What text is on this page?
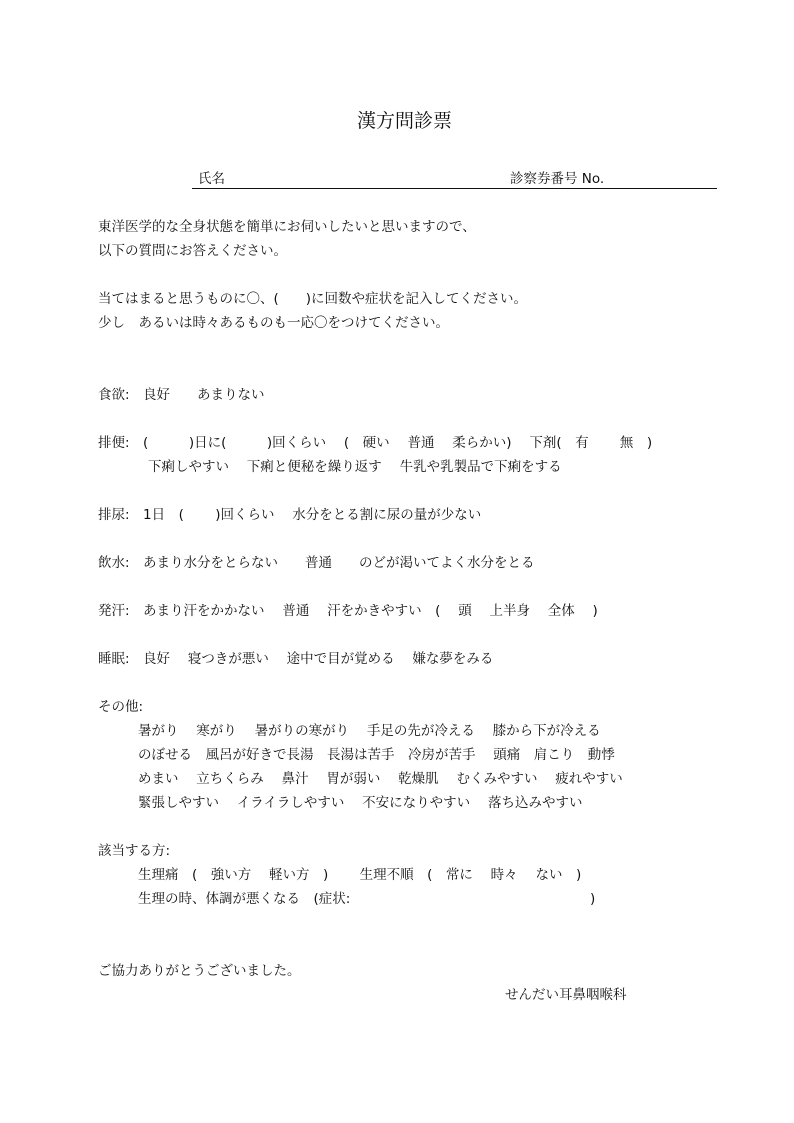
漢方問診票
氏名	診察券番号 No.
東洋医学的な全身状態を簡単にお伺いしたいと思いますので、
以下の質問にお答えください。
当てはまると思うものに〇、(　　)に回数や症状を記入してください。
少し　あるいは時々あるものも一応〇をつけてください。
食欲:　良好　　あまりない
排便:　(　　　)日に(　　　)回くらい　 (　硬い　 普通　 柔らかい)　 下剤(　有　　 無　)
下痢しやすい　 下痢と便秘を繰り返す　 牛乳や乳製品で下痢をする
排尿:　1日　(　　 )回くらい　 水分をとる割に尿の量が少ない
飲水:　あまり水分をとらない　　普通　　のどが渇いてよく水分をとる
発汗:　あまり汗をかかない　 普通　 汗をかきやすい　(　 頭　 上半身　 全体　 )
睡眠:　良好　 寝つきが悪い　 途中で目が覚める　 嫌な夢をみる
その他:
暑がり　 寒がり　 暑がりの寒がり　 手足の先が冷える　 膝から下が冷える
のぼせる　風呂が好きで長湯　長湯は苦手　冷房が苦手　 頭痛　肩こり　動悸
めまい　 立ちくらみ　 鼻汁　 胃が弱い　 乾燥肌　 むくみやすい　 疲れやすい
緊張しやすい　 イライラしやすい　 不安になりやすい　 落ち込みやすい
該当する方:
生理痛　(　強い方　 軽い方　)　　 生理不順　(　常に　 時々　 ない　)
生理の時、体調が悪くなる　(症状:	)
ご協力ありがとうございました。
せんだい耳鼻咽喉科
